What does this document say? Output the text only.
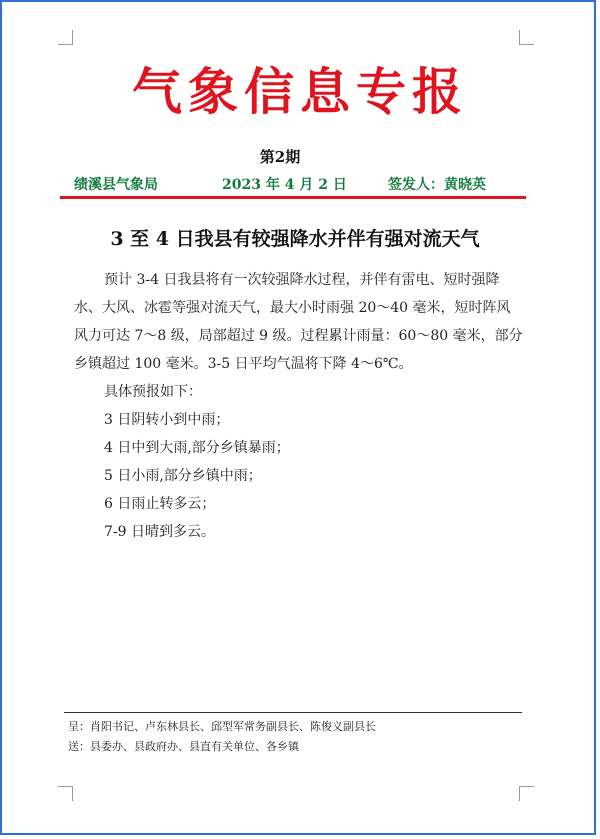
气象信息专报
第2期
绩溪县气象局	2023 年 4 月 2 日	签发人：黄晓英
3 至 4 日我县有较强降水并伴有强对流天气

预计 3-4 日我县将有一次较强降水过程，并伴有雷电、短时强降水、大风、冰雹等强对流天气，最大小时雨强 20～40 毫米，短时阵风风力可达 7～8 级，局部超过 9 级。过程累计雨量：60～80 毫米，部分乡镇超过 100 毫米。3-5 日平均气温将下降 4～6℃。

具体预报如下：

3 日阴转小到中雨；

4 日中到大雨,部分乡镇暴雨；

5 日小雨,部分乡镇中雨；

6 日雨止转多云；

7-9 日晴到多云。

呈：肖阳书记、卢东林县长、邱型军常务副县长、陈俊义副县长
送：县委办、县政府办、县直有关单位、各乡镇
